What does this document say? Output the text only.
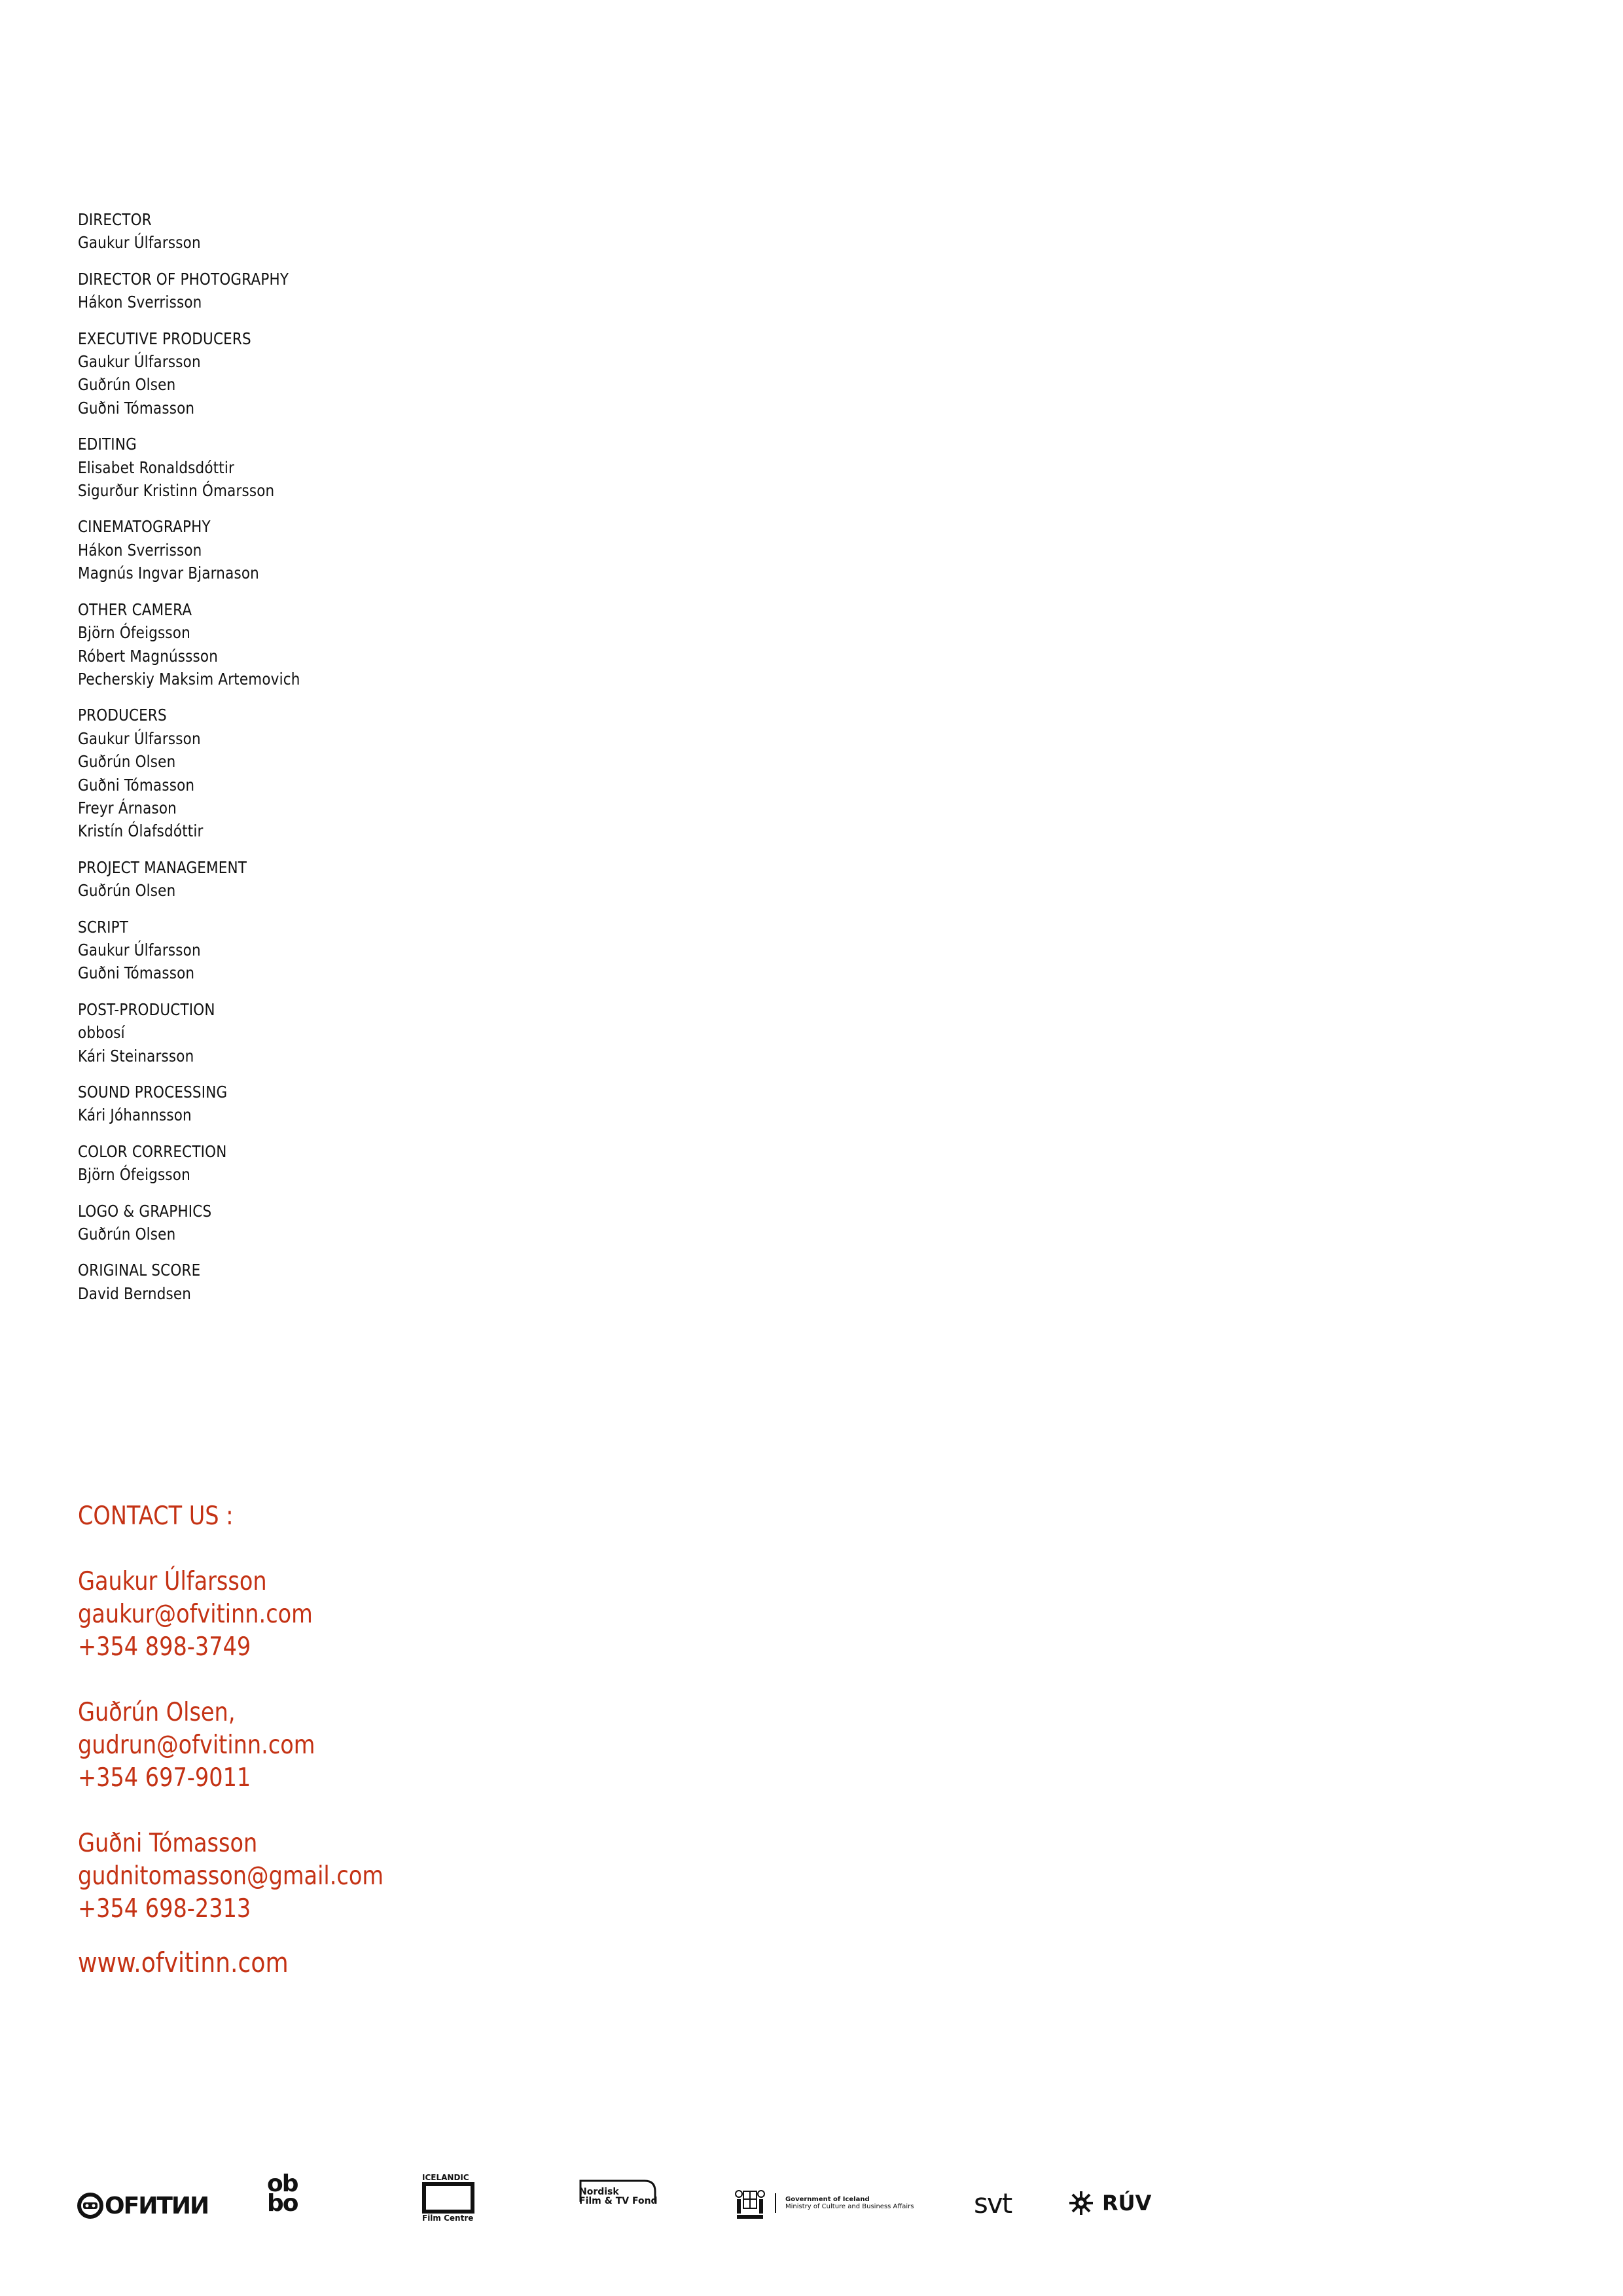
DIRECTOR
Gaukur Úlfarsson
DIRECTOR OF PHOTOGRAPHY
Hákon Sverrisson
EXECUTIVE PRODUCERS
Gaukur Úlfarsson
Guðrún Olsen
Guðni Tómasson
EDITING
Elisabet Ronaldsdóttir
Sigurður Kristinn Ómarsson
CINEMATOGRAPHY
Hákon Sverrisson
Magnús Ingvar Bjarnason
OTHER CAMERA
Björn Ófeigsson
Róbert Magnússson
Pecherskiy Maksim Artemovich
PRODUCERS
Gaukur Úlfarsson
Guðrún Olsen
Guðni Tómasson
Freyr Árnason
Kristín Ólafsdóttir
PROJECT MANAGEMENT
Guðrún Olsen
SCRIPT
Gaukur Úlfarsson
Guðni Tómasson
POST-PRODUCTION
obbosí
Kári Steinarsson
SOUND PROCESSING
Kári Jóhannsson
COLOR CORRECTION
Björn Ófeigsson
LOGO & GRAPHICS
Guðrún Olsen
ORIGINAL SCORE
David Berndsen
CONTACT US :
Gaukur Úlfarsson
gaukur@ofvitinn.com
+354 898-3749
Guðrún Olsen,
gudrun@ofvitinn.com
+354 697-9011
Guðni Tómasson
gudnitomasson@gmail.com
+354 698-2313
www.ofvitinn.com
ОFИTИИ
ob
bo
ICELANDIC
Film Centre
Nordisk
Film & TV Fond	Government of Iceland
Ministry of Culture and Business Affairs svt	RÚV
